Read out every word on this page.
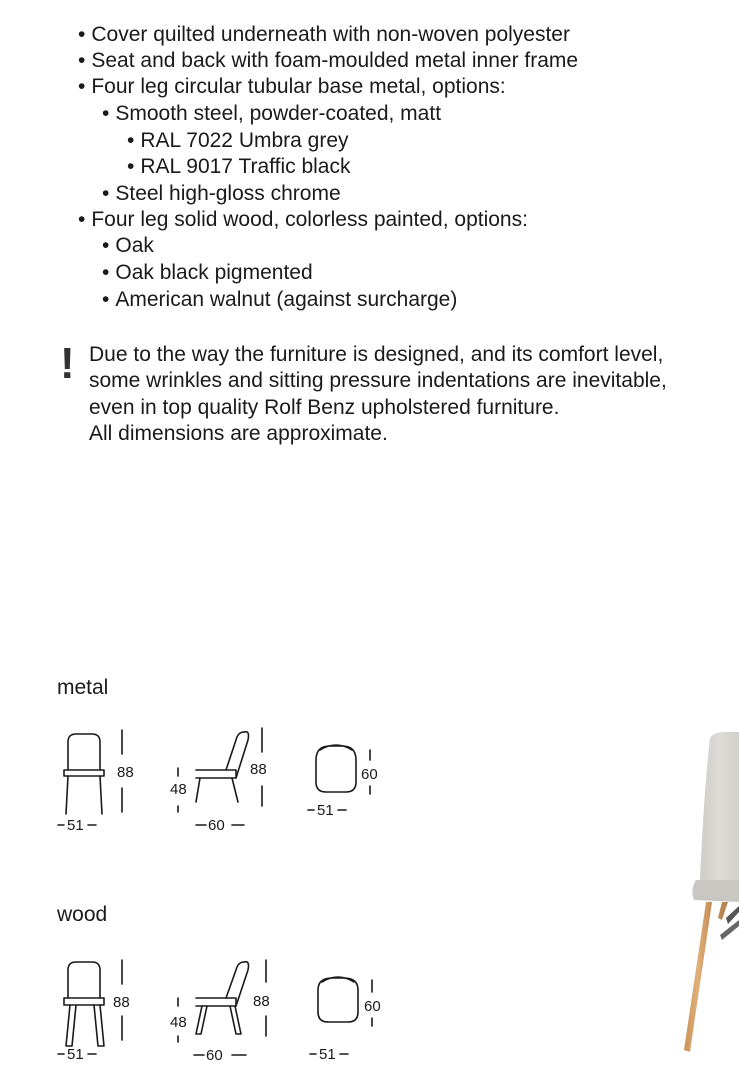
• Cover quilted underneath with non-woven polyester
• Seat and back with foam-moulded metal inner frame
• Four leg circular tubular base metal, options:
• Smooth steel, powder-coated, matt
• RAL 7022 Umbra grey
• RAL 9017 Traffic black
• Steel high-gloss chrome
• Four leg solid wood, colorless painted, options:
• Oak
• Oak black pigmented
• American walnut (against surcharge)
! Due to the way the furniture is designed, and its comfort level,
some wrinkles and sitting pressure indentations are inevitable,
even in top quality Rolf Benz upholstered furniture.
All dimensions are approximate.
metal
88
51
48
88
60
60
51
wood
88
51
48
88
60
60
51
